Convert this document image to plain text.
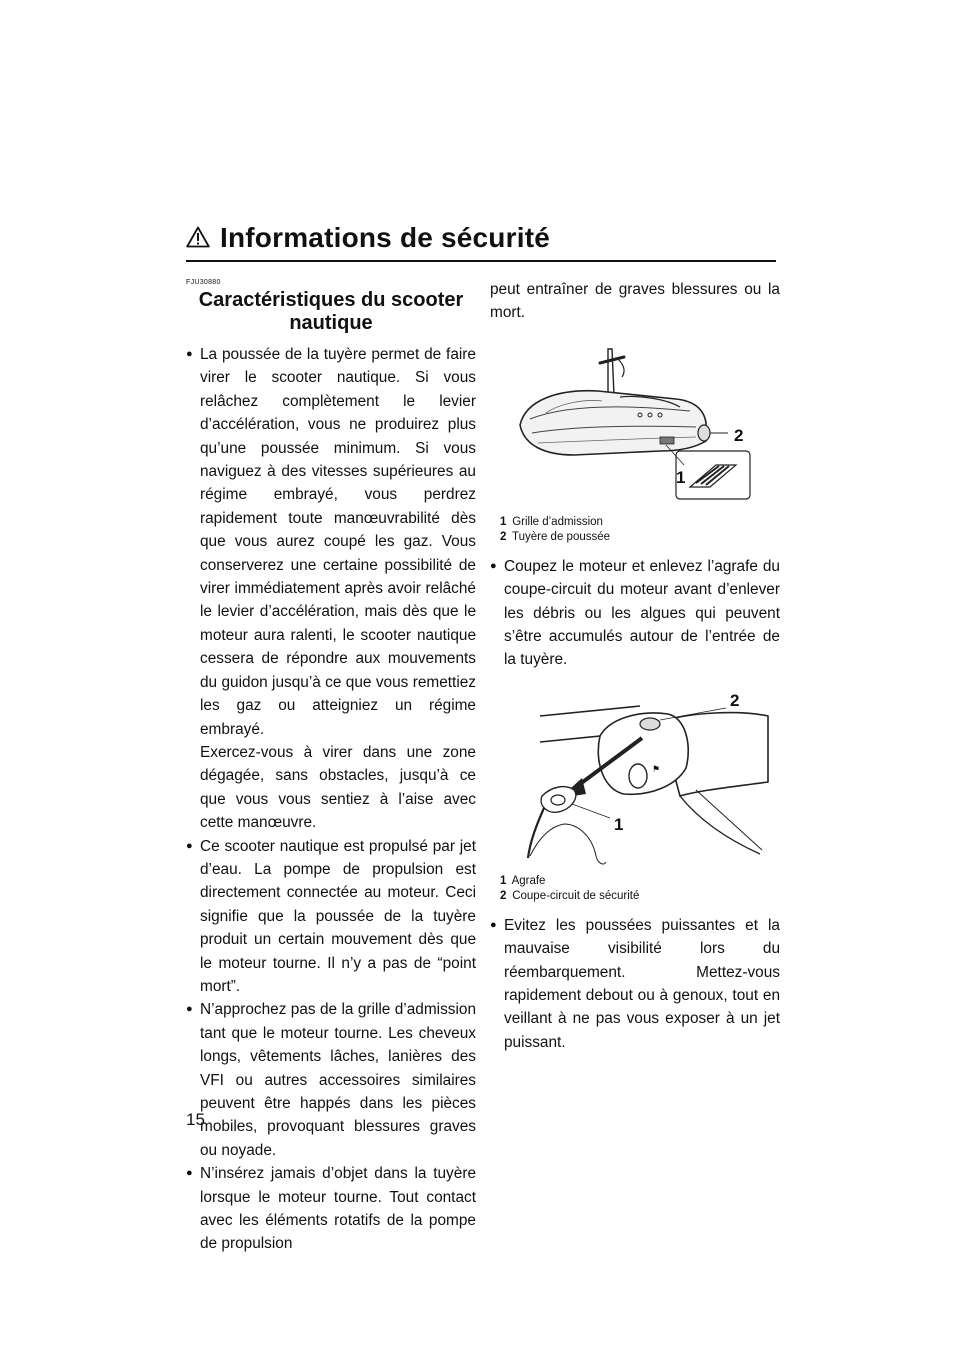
Informations de sécurité
FJU30880
Caractéristiques du scooter
nautique
● La poussée de la tuyère permet de faire virer le scooter nautique. Si vous relâchez complètement le levier d’accélération, vous ne produirez plus qu’une poussée minimum. Si vous naviguez à des vitesses supérieures au régime embrayé, vous perdrez rapidement toute manœuvrabilité dès que vous aurez coupé les gaz. Vous conserverez une certaine possibilité de virer immédiatement après avoir relâché le levier d’accélération, mais dès que le moteur aura ralenti, le scooter nautique cessera de répondre aux mouvements du guidon jusqu’à ce que vous remettiez les gaz ou atteigniez un régime embrayé.

Exercez-vous à virer dans une zone dégagée, sans obstacles, jusqu’à ce que vous vous sentiez à l’aise avec cette manœuvre.

● Ce scooter nautique est propulsé par jet d’eau. La pompe de propulsion est directement connectée au moteur. Ceci signifie que la poussée de la tuyère produit un certain mouvement dès que le moteur tourne. Il n’y a pas de “point mort”.

● N’approchez pas de la grille d’admission tant que le moteur tourne. Les cheveux longs, vêtements lâches, lanières des VFI ou autres accessoires similaires peuvent être happés dans les pièces mobiles, provoquant blessures graves ou noyade.

● N’insérez jamais d’objet dans la tuyère lorsque le moteur tourne. Tout contact avec les éléments rotatifs de la pompe de propulsion

peut entraîner de graves blessures ou la mort.

2
1
1 Grille d’admission
2 Tuyère de poussée
● Coupez le moteur et enlevez l’agrafe du coupe-circuit du moteur avant d’enlever les débris ou les algues qui peuvent s’être accumulés autour de l’entrée de la tuyère.

⚑
2
1
1 Agrafe
2 Coupe-circuit de sécurité
● Evitez les poussées puissantes et la mauvaise visibilité lors du réembarquement. Mettez-vous rapidement debout ou à genoux, tout en veillant à ne pas vous exposer à un jet puissant.

15
